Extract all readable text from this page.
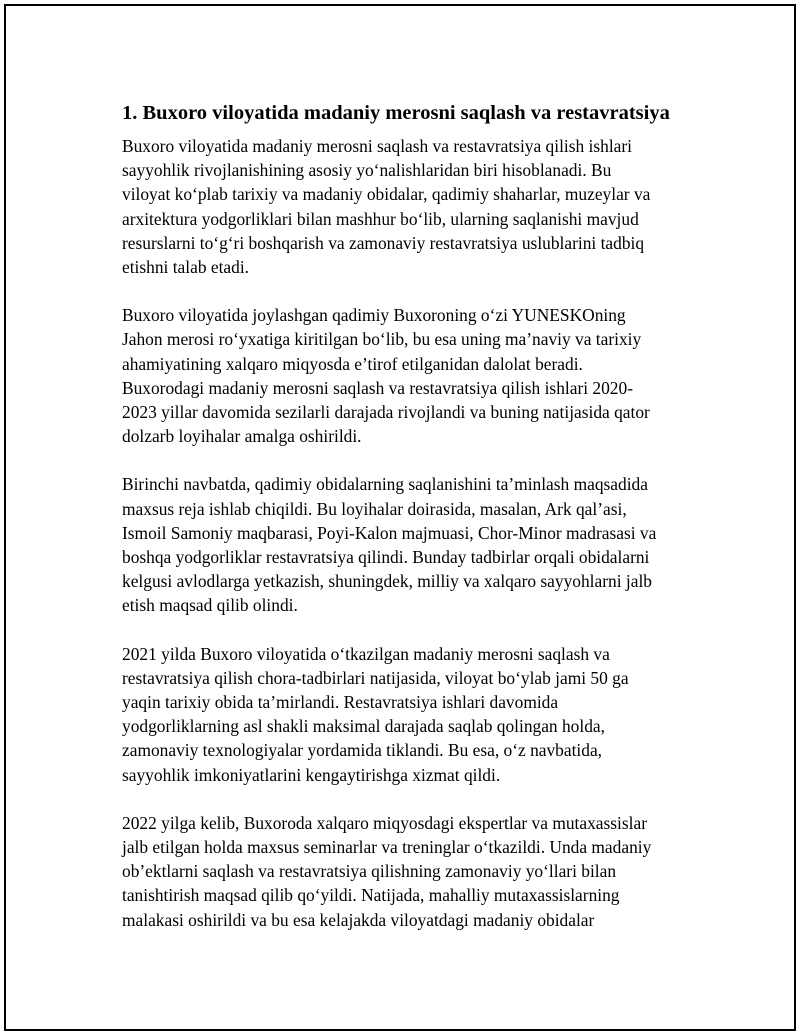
1. Buxoro viloyatida madaniy merosni saqlash va restavratsiya

Buxoro viloyatida madaniy merosni saqlash va restavratsiya qilish ishlari
sayyohlik rivojlanishining asosiy yo‘nalishlaridan biri hisoblanadi. Bu
viloyat ko‘plab tarixiy va madaniy obidalar, qadimiy shaharlar, muzeylar va
arxitektura yodgorliklari bilan mashhur bo‘lib, ularning saqlanishi mavjud
resurslarni to‘g‘ri boshqarish va zamonaviy restavratsiya uslublarini tadbiq
etishni talab etadi.

Buxoro viloyatida joylashgan qadimiy Buxoroning o‘zi YUNESKOning
Jahon merosi ro‘yxatiga kiritilgan bo‘lib, bu esa uning ma’naviy va tarixiy
ahamiyatining xalqaro miqyosda e’tirof etilganidan dalolat beradi.
Buxorodagi madaniy merosni saqlash va restavratsiya qilish ishlari 2020-
2023 yillar davomida sezilarli darajada rivojlandi va buning natijasida qator
dolzarb loyihalar amalga oshirildi.

Birinchi navbatda, qadimiy obidalarning saqlanishini ta’minlash maqsadida
maxsus reja ishlab chiqildi. Bu loyihalar doirasida, masalan, Ark qal’asi,
Ismoil Samoniy maqbarasi, Poyi-Kalon majmuasi, Chor-Minor madrasasi va
boshqa yodgorliklar restavratsiya qilindi. Bunday tadbirlar orqali obidalarni
kelgusi avlodlarga yetkazish, shuningdek, milliy va xalqaro sayyohlarni jalb
etish maqsad qilib olindi.

2021 yilda Buxoro viloyatida o‘tkazilgan madaniy merosni saqlash va
restavratsiya qilish chora-tadbirlari natijasida, viloyat bo‘ylab jami 50 ga
yaqin tarixiy obida ta’mirlandi. Restavratsiya ishlari davomida
yodgorliklarning asl shakli maksimal darajada saqlab qolingan holda,
zamonaviy texnologiyalar yordamida tiklandi. Bu esa, o‘z navbatida,
sayyohlik imkoniyatlarini kengaytirishga xizmat qildi.

2022 yilga kelib, Buxoroda xalqaro miqyosdagi ekspertlar va mutaxassislar
jalb etilgan holda maxsus seminarlar va treninglar o‘tkazildi. Unda madaniy
ob’ektlarni saqlash va restavratsiya qilishning zamonaviy yo‘llari bilan
tanishtirish maqsad qilib qo‘yildi. Natijada, mahalliy mutaxassislarning
malakasi oshirildi va bu esa kelajakda viloyatdagi madaniy obidalar
